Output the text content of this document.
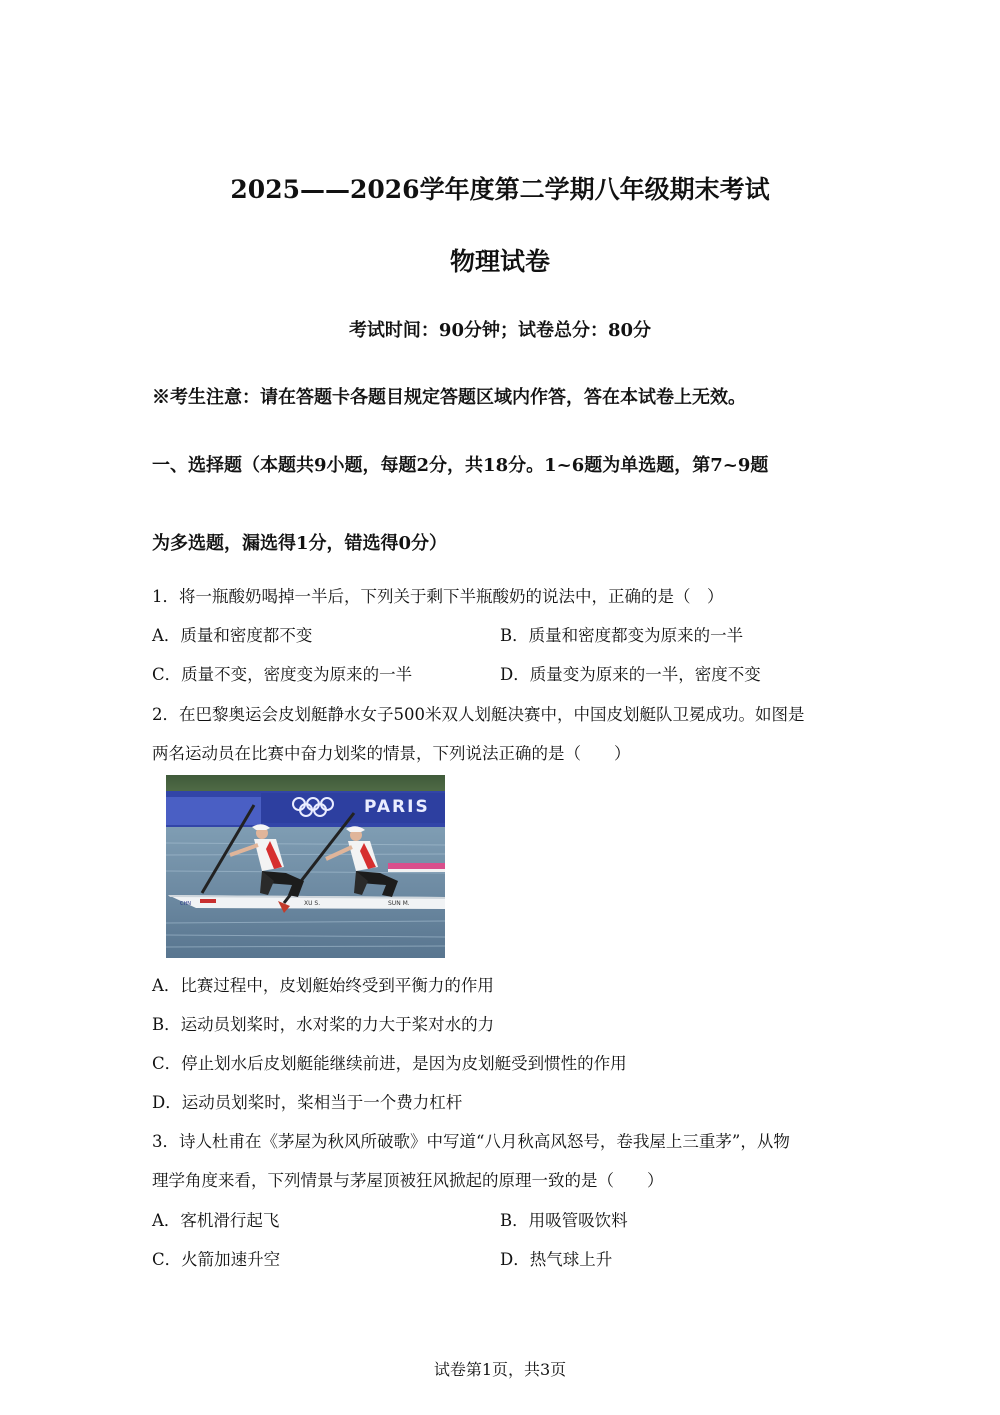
2025——2026学年度第二学期八年级期末考试
物理试卷
考试时间：90分钟；试卷总分：80分
※考生注意：请在答题卡各题目规定答题区域内作答，答在本试卷上无效。
一、选择题（本题共9小题，每题2分，共18分。1~6题为单选题，第7~9题
为多选题，漏选得1分，错选得0分）
1．将一瓶酸奶喝掉一半后，下列关于剩下半瓶酸奶的说法中，正确的是（　）
A．质量和密度都不变	B．质量和密度都变为原来的一半
C．质量不变，密度变为原来的一半	D．质量变为原来的一半，密度不变
2．在巴黎奥运会皮划艇静水女子500米双人划艇决赛中，中国皮划艇队卫冕成功。如图是
两名运动员在比赛中奋力划桨的情景，下列说法正确的是（　　）
PARIS
CHN	XU S.	SUN M.
A．比赛过程中，皮划艇始终受到平衡力的作用
B．运动员划桨时，水对桨的力大于桨对水的力
C．停止划水后皮划艇能继续前进，是因为皮划艇受到惯性的作用
D．运动员划桨时，桨相当于一个费力杠杆
3．诗人杜甫在《茅屋为秋风所破歌》中写道“八月秋高风怒号，卷我屋上三重茅”，从物
理学角度来看，下列情景与茅屋顶被狂风掀起的原理一致的是（　　）
A．客机滑行起飞	B．用吸管吸饮料
C．火箭加速升空	D．热气球上升
试卷第1页，共3页
